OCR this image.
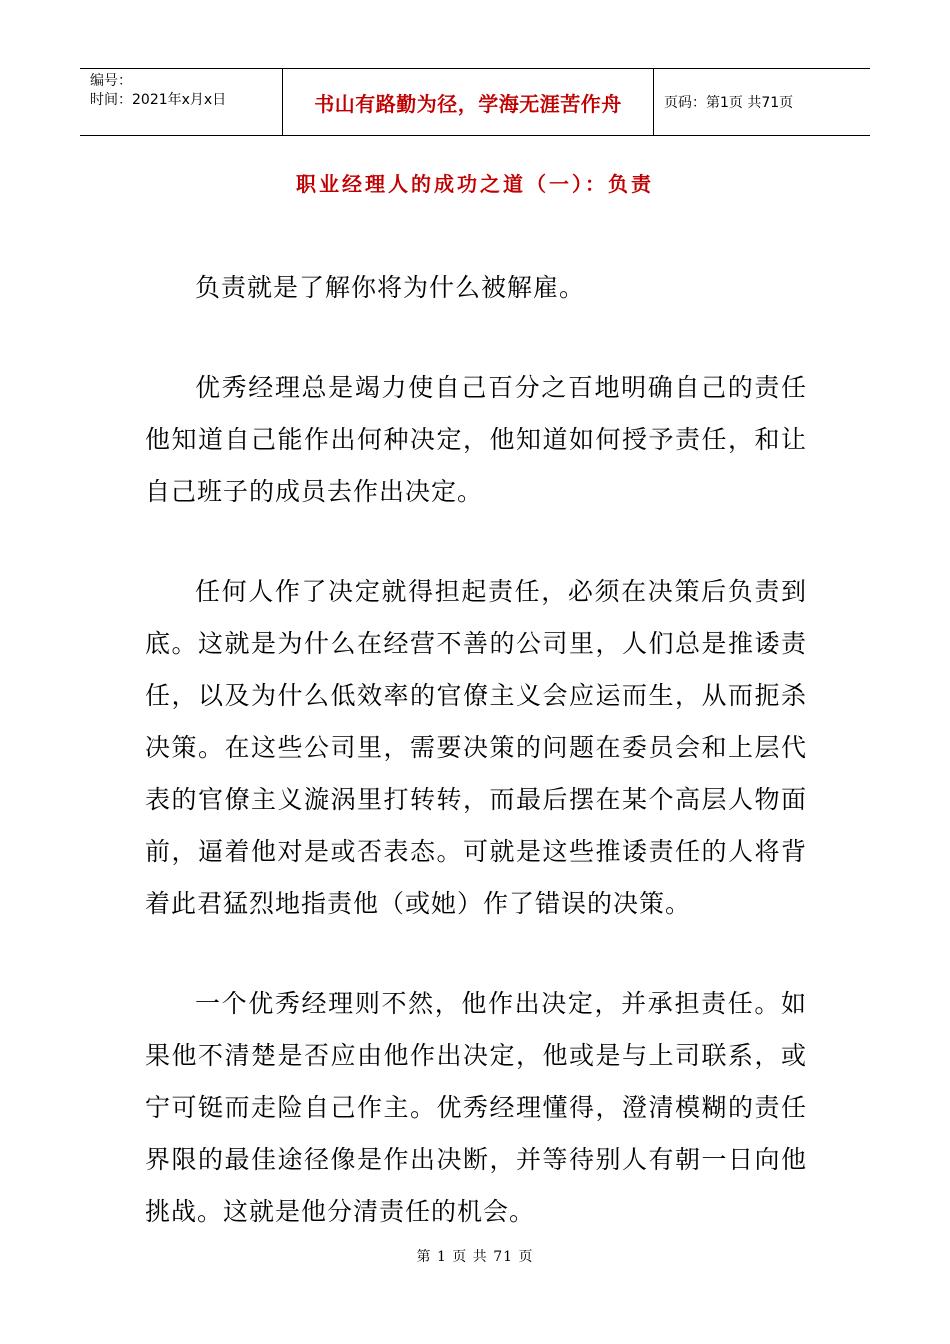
编号：
时间：2021年x月x日	书山有路勤为径，学海无涯苦作舟	页码：第1页 共71页
职业经理人的成功之道（一）：负责

负责就是了解你将为什么被解雇。

优秀经理总是竭力使自己百分之百地明确自己的责任他知道自己能作出何种决定，他知道如何授予责任，和让自己班子的成员去作出决定。

任何人作了决定就得担起责任，必须在决策后负责到底。这就是为什么在经营不善的公司里，人们总是推诿责任，以及为什么低效率的官僚主义会应运而生，从而扼杀决策。在这些公司里，需要决策的问题在委员会和上层代表的官僚主义漩涡里打转转，而最后摆在某个高层人物面前，逼着他对是或否表态。可就是这些推诿责任的人将背着此君猛烈地指责他（或她）作了错误的决策。

一个优秀经理则不然，他作出决定，并承担责任。如果他不清楚是否应由他作出决定，他或是与上司联系，或宁可铤而走险自己作主。优秀经理懂得，澄清模糊的责任界限的最佳途径像是作出决断，并等待别人有朝一日向他挑战。这就是他分清责任的机会。

第 1 页 共 71 页
